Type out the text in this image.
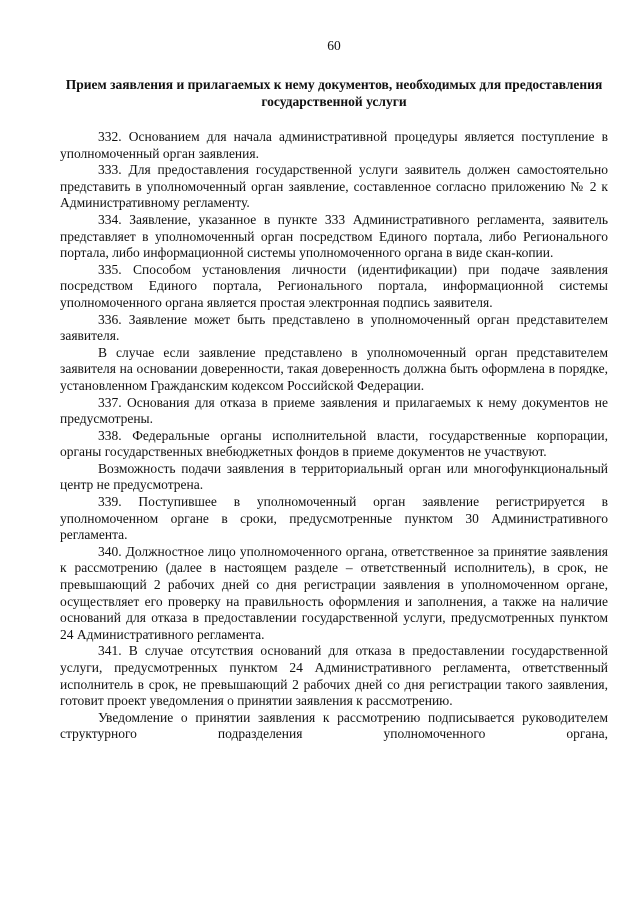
60
Прием заявления и прилагаемых к нему документов, необходимых для предоставления государственной услуги

332. Основанием для начала административной процедуры является поступление в уполномоченный орган заявления.

333. Для предоставления государственной услуги заявитель должен самостоятельно представить в уполномоченный орган заявление, составленное согласно приложению № 2 к Административному регламенту.

334. Заявление, указанное в пункте 333 Административного регламента, заявитель представляет в уполномоченный орган посредством Единого портала, либо Регионального портала, либо информационной системы уполномоченного органа в виде скан-копии.

335. Способом установления личности (идентификации) при подаче заявления посредством Единого портала, Регионального портала, информационной системы уполномоченного органа является простая электронная подпись заявителя.

336. Заявление может быть представлено в уполномоченный орган представителем заявителя.

В случае если заявление представлено в уполномоченный орган представителем заявителя на основании доверенности, такая доверенность должна быть оформлена в порядке, установленном Гражданским кодексом Российской Федерации.

337. Основания для отказа в приеме заявления и прилагаемых к нему документов не предусмотрены.

338. Федеральные органы исполнительной власти, государственные корпорации, органы государственных внебюджетных фондов в приеме документов не участвуют.

Возможность подачи заявления в территориальный орган или многофункциональный центр не предусмотрена.

339. Поступившее в уполномоченный орган заявление регистрируется в уполномоченном органе в сроки, предусмотренные пунктом 30 Административного регламента.

340. Должностное лицо уполномоченного органа, ответственное за принятие заявления к рассмотрению (далее в настоящем разделе – ответственный исполнитель), в срок, не превышающий 2 рабочих дней со дня регистрации заявления в уполномоченном органе, осуществляет его проверку на правильность оформления и заполнения, а также на наличие оснований для отказа в предоставлении государственной услуги, предусмотренных пунктом 24 Административного регламента.

341. В случае отсутствия оснований для отказа в предоставлении государственной услуги, предусмотренных пунктом 24 Административного регламента, ответственный исполнитель в срок, не превышающий 2 рабочих дней со дня регистрации такого заявления, готовит проект уведомления о принятии заявления к рассмотрению.

Уведомление о принятии заявления к рассмотрению подписывается руководителем структурного подразделения уполномоченного органа,
